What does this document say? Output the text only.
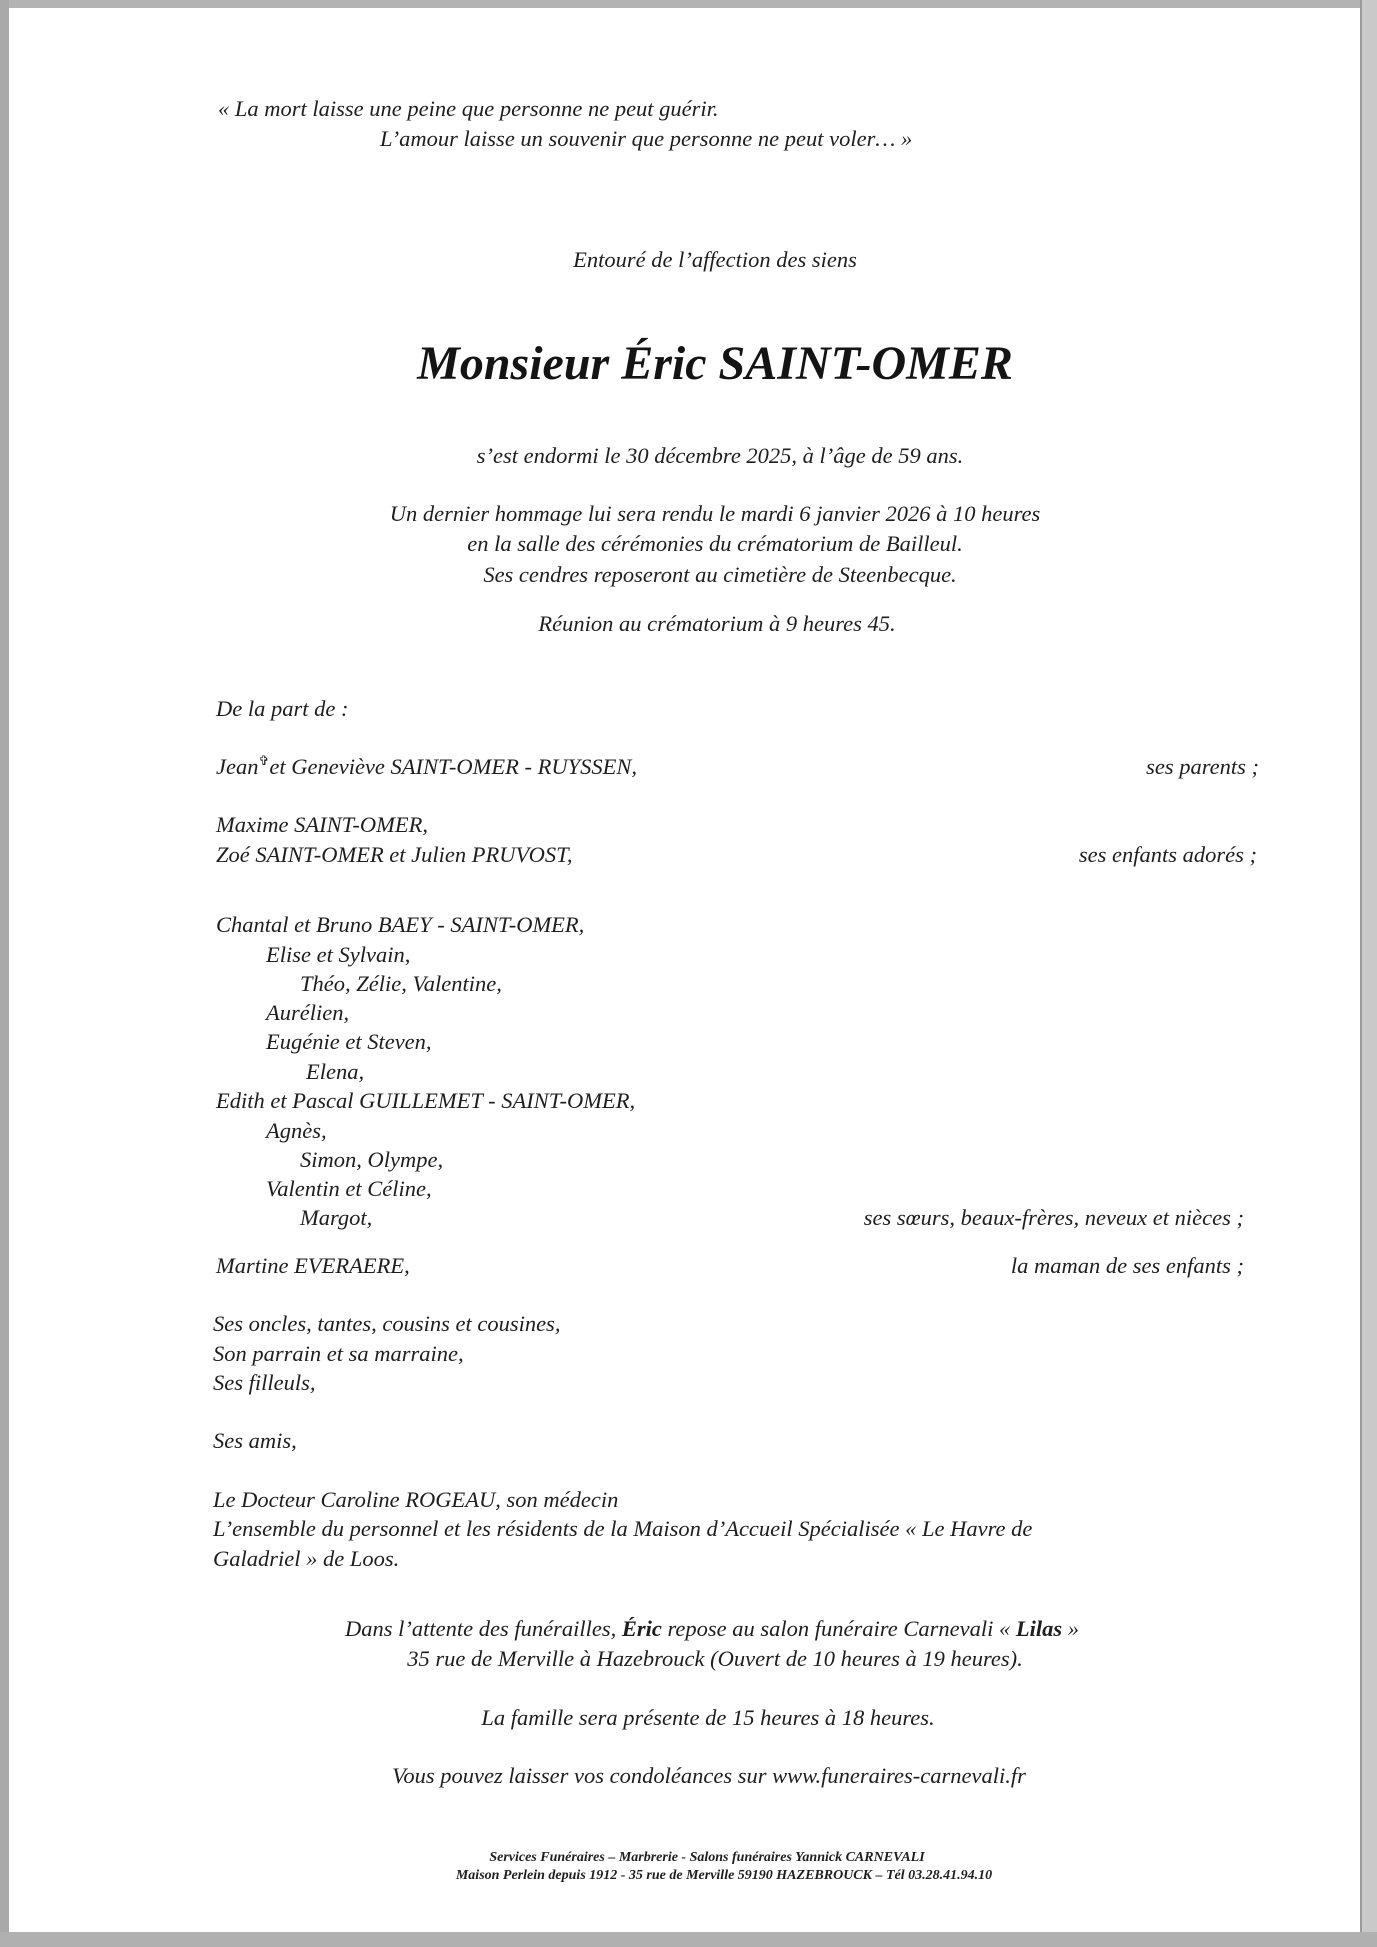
« La mort laisse une peine que personne ne peut guérir.
L’amour laisse un souvenir que personne ne peut voler… »
Entouré de l’affection des siens
Monsieur Éric SAINT-OMER
s’est endormi le 30 décembre 2025, à l’âge de 59 ans.
Un dernier hommage lui sera rendu le mardi 6 janvier 2026 à 10 heures
en la salle des cérémonies du crématorium de Bailleul.
Ses cendres reposeront au cimetière de Steenbecque.
Réunion au crématorium à 9 heures 45.
De la part de :
Jean✞et Geneviève SAINT-OMER - RUYSSEN,	ses parents ;
Maxime SAINT-OMER,
Zoé SAINT-OMER et Julien PRUVOST,	ses enfants adorés ;
Chantal et Bruno BAEY - SAINT-OMER,
Elise et Sylvain,
Théo, Zélie, Valentine,
Aurélien,
Eugénie et Steven,
Elena,
Edith et Pascal GUILLEMET - SAINT-OMER,
Agnès,
Simon, Olympe,
Valentin et Céline,
Margot,	ses sœurs, beaux-frères, neveux et nièces ;
Martine EVERAERE,	la maman de ses enfants ;
Ses oncles, tantes, cousins et cousines,
Son parrain et sa marraine,
Ses filleuls,
Ses amis,
Le Docteur Caroline ROGEAU, son médecin
L’ensemble du personnel et les résidents de la Maison d’Accueil Spécialisée « Le Havre de
Galadriel » de Loos.
Dans l’attente des funérailles, Éric repose au salon funéraire Carnevali « Lilas »
35 rue de Merville à Hazebrouck (Ouvert de 10 heures à 19 heures).
La famille sera présente de 15 heures à 18 heures.
Vous pouvez laisser vos condoléances sur www.funeraires-carnevali.fr
Services Funéraires – Marbrerie - Salons funéraires Yannick CARNEVALI
Maison Perlein depuis 1912 - 35 rue de Merville 59190 HAZEBROUCK – Tél 03.28.41.94.10
